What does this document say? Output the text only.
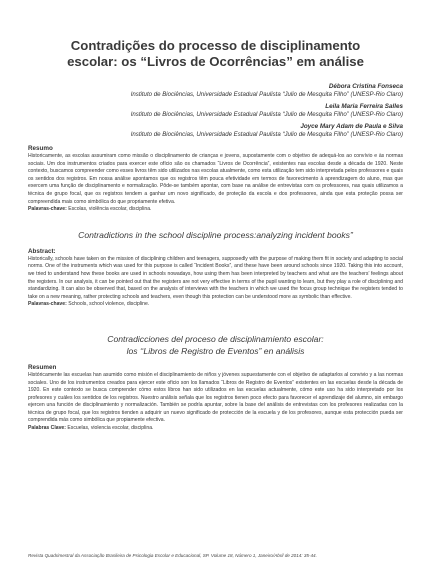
Contradições do processo de disciplinamento
escolar: os “Livros de Ocorrências” em análise
Débora Cristina Fonseca
Instituto de Biociências, Universidade Estadual Paulista “Julio de Mesquita Filho” (UNESP-Rio Claro)
Leila Maria Ferreira Salles
Instituto de Biociências, Universidade Estadual Paulista “Julio de Mesquita Filho” (UNESP-Rio Claro)
Joyce Mary Adam de Paula e Silva
Instituto de Biociências, Universidade Estadual Paulista “Julio de Mesquita Filho” (UNESP-Rio Claro)
Resumo

Historicamente, as escolas assumiram como missão o disciplinamento de crianças e jovens, supostamente com o objetivo de adequá-los ao convívio e às normas sociais. Um dos instrumentos criados para exercer este ofício são os chamados “Livros de Ocorrência”, existentes nas escolas desde a década de 1920. Neste contexto, buscamos compreender como esses livros têm sido utilizados nas escolas atualmente, como esta utilização tem sido interpretada pelos professores e quais os sentidos dos registros. Em nossa análise apontamos que os registros têm pouca efetividade em termos de favorecimento à aprendizagem do aluno, mas que exercem uma função de disciplinamento e normalização. Pôde-se também apontar, com base na análise de entrevistas com os professores, nas quais utilizamos a técnica de grupo focal, que os registros tendem a ganhar um novo significado, de proteção da escola e dos professores, ainda que esta proteção possa ser compreendida mais como simbólica do que propriamente efetiva.

Palavras-chave: Escolas, violência escolar, disciplina.
Contradictions in the school discipline process:analyzing incident books”
Abstract:

Historically, schools have taken on the mission of disciplining children and teenagers, supposedly with the purpose of making them fit in society and adapting to social norms. One of the instruments which was used for this purpose is called “Incident Books”, and these have been around schools since 1920. Taking this into account, we tried to understand how these books are used in schools nowadays, how using them has been interpreted by teachers and what are the teachers’ feelings about the registers. In our analysis, it can be pointed out that the registers are not very effective in terms of the pupil wanting to learn, but they play a role of disciplining and standardizing. It can also be observed that, based on the analysis of interviews with the teachers in which we used the focus group technique the registers tended to take on a new meaning, rather protecting schools and teachers, even though this protection can be understood more as symbolic than effective.

Palavras-chave: Schools, school violence, discipline.
Contradicciones del proceso de disciplinamiento escolar:
los ‘‘Libros de Registro de Eventos” en análisis
Resumen

Históricamente las escuelas han asumido como misión el disciplinamiento de niños y jóvenes supuestamente con el objetivo de adaptarlos al convivio y a las normas sociales. Uno de los instrumentos creados para ejercer este oficio son los llamados “Libros de Registro de Eventos” existentes en las escuelas desde la década de 1920. En este contexto se busca comprender cómo estos libros han sido utilizados en las escuelas actualmente, cómo este uso ha sido interpretado por los profesores y cuáles los sentidos de los registros. Nuestro análisis señala que los registros tienen poco efecto para favorecer el aprendizaje del alumno, sin embargo ejercen una función de disciplinamiento y normalización. También se podría apuntar, sobre la base del análisis de entrevistas con los profesores realizadas con la técnica de grupo focal, que los registros tienden a adquirir un nuevo significado de protección de la escuela y de los profesores, aunque esta protección pueda ser comprendida más como simbólica que propiamente efectiva.

Palabras Clave: Escuelas, violencia escolar, disciplina.
Revista Quadrimestral da Associação Brasileira de Psicologia Escolar e Educacional, SP. Volume 18, Número 1, Janeiro/Abril de 2014: 35-44.
